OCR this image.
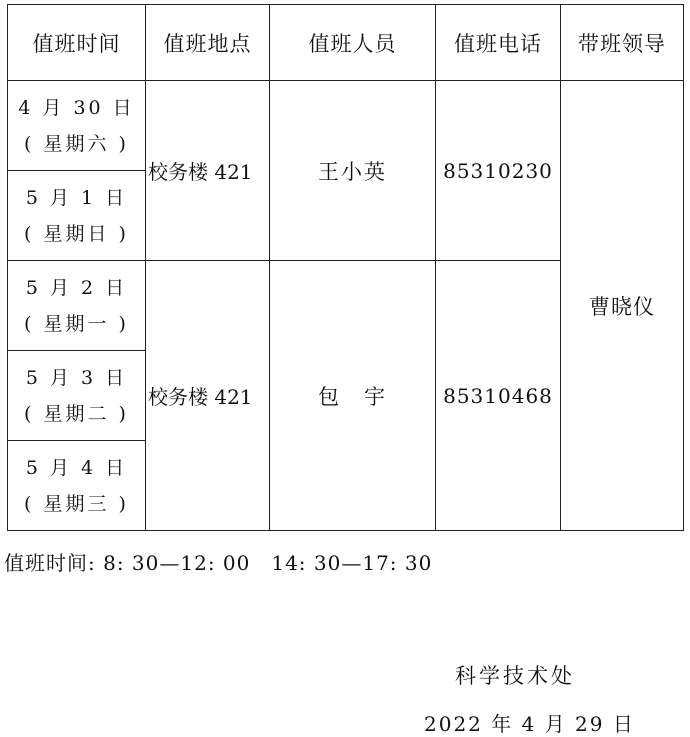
值班时间	值班地点	值班人员	值班电话	带班领导

4 月 30 日
( 星期六 )	校务楼 421	王小英	85310230	曹晓仪

5 月 1 日
( 星期日 )				

5 月 2 日
( 星期一 )	校务楼 421	包　宇	85310468	

5 月 3 日
( 星期二 )				

5 月 4 日
( 星期三 )				
值班时间: 8: 30—12: 00　14: 30—17: 30
科学技术处
2022 年 4 月 29 日
